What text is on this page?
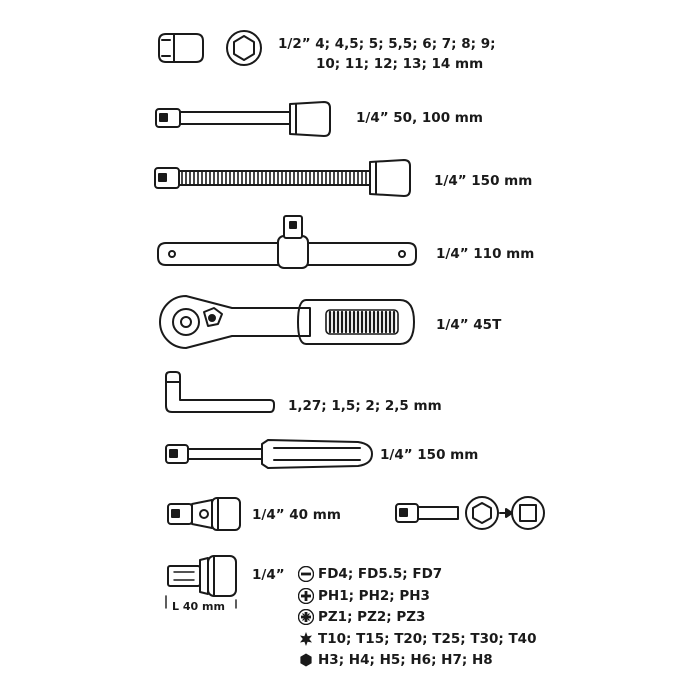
1/2” 4; 4,5; 5; 5,5; 6; 7; 8; 9;
10; 11; 12; 13; 14 mm
1/4” 50, 100 mm
1/4” 150 mm
1/4” 110 mm
1/4” 45T
1,27; 1,5; 2; 2,5 mm
1/4” 150 mm
1/4” 40 mm
1/4”
L 40 mm
FD4; FD5.5; FD7
PH1; PH2; PH3
PZ1; PZ2; PZ3
T10; T15; T20; T25; T30; T40
H3; H4; H5; H6; H7; H8
